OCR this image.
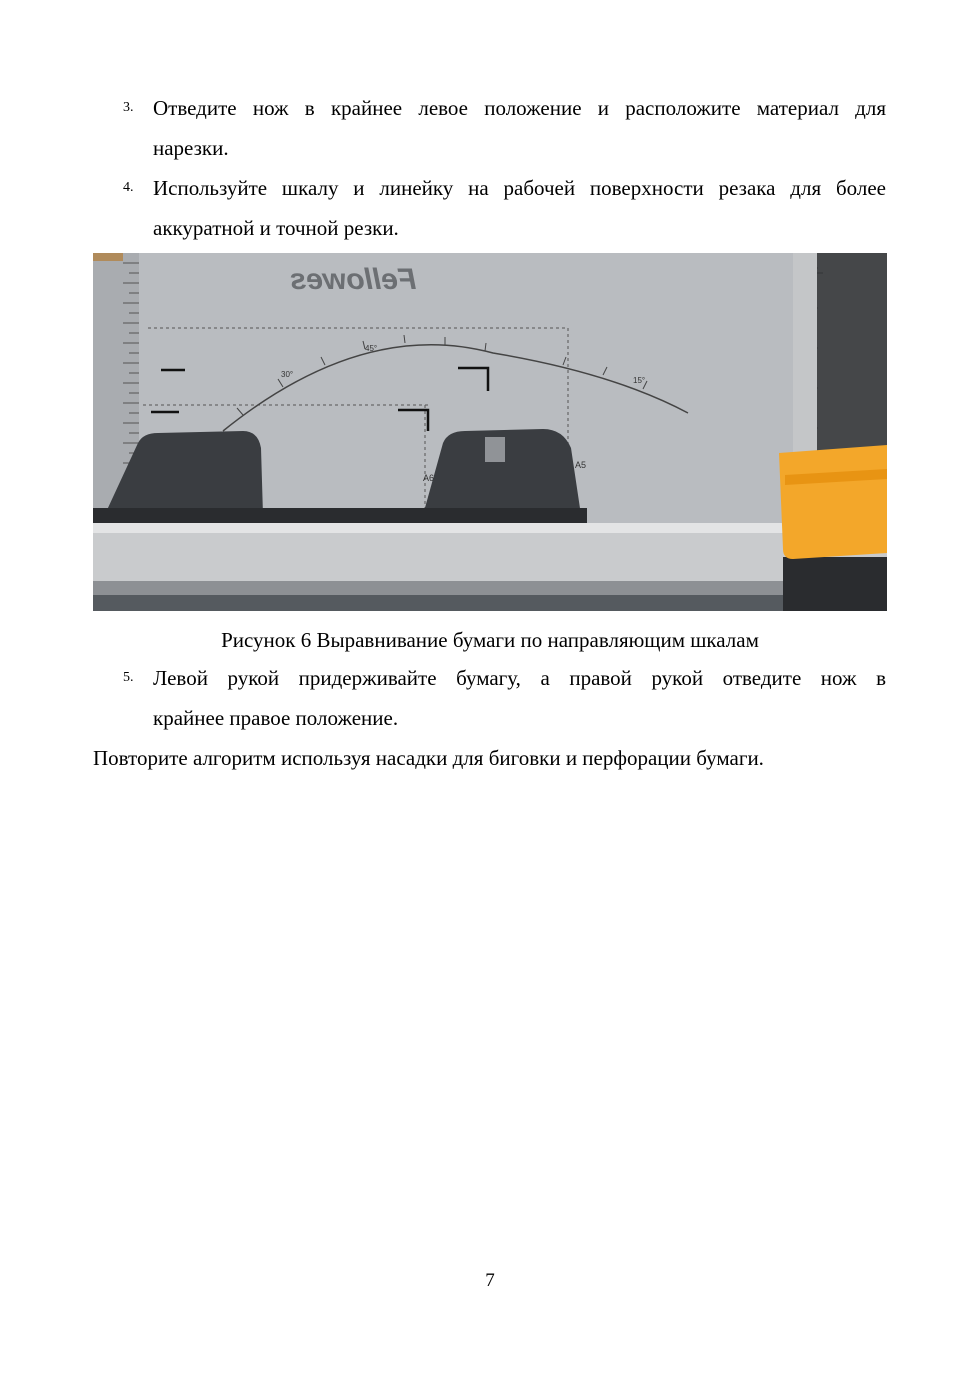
3. Отведите нож в крайнее левое положение и расположите материал для
нарезки.
4. Используйте шкалу и линейку на рабочей поверхности резака для более
аккуратной и точной резки.
Fellowes
45°
30°
15°
A6
A5
Рисунок 6 Выравнивание бумаги по направляющим шкалам
5. Левой рукой придерживайте бумагу, а правой рукой отведите нож в
крайнее правое положение.
Повторите алгоритм используя насадки для биговки и перфорации бумаги.
7
